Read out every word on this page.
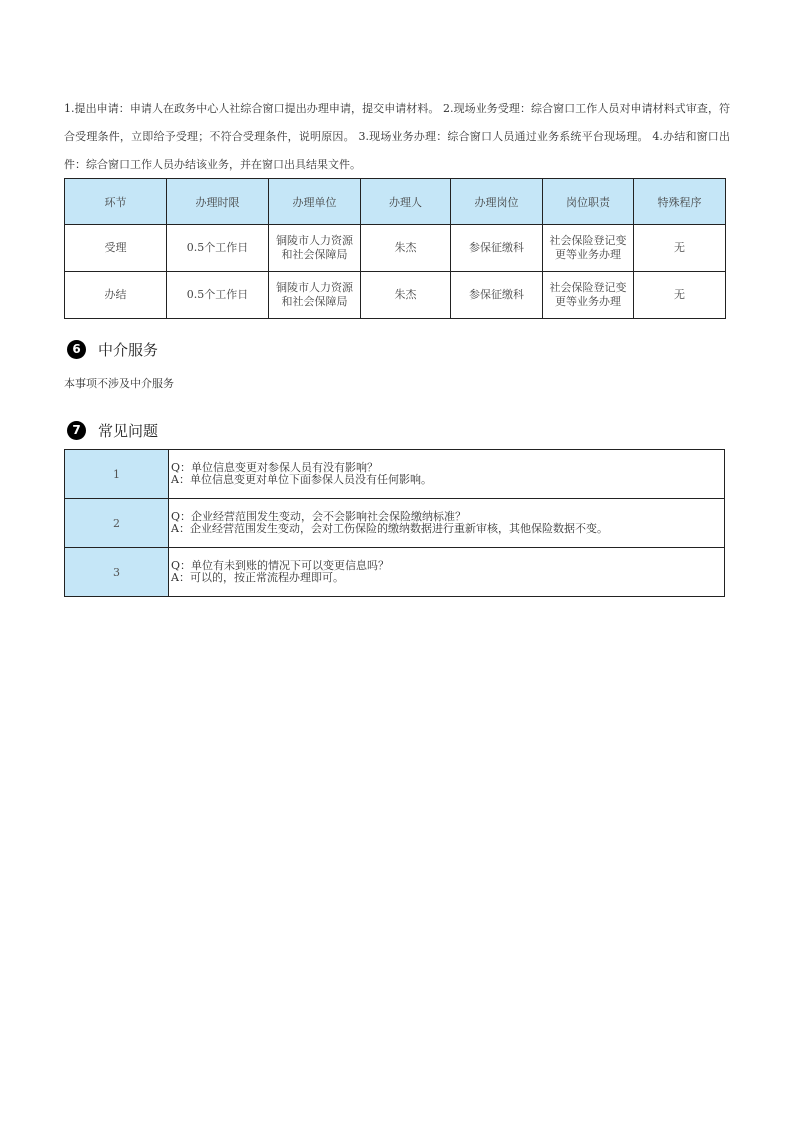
1.提出申请：申请人在政务中心人社综合窗口提出办理申请，提交申请材料。 2.现场业务受理：综合窗口工作人员对申请材料式审查，符合受理条件，立即给予受理；不符合受理条件，说明原因。 3.现场业务办理：综合窗口人员通过业务系统平台现场理。 4.办结和窗口出件：综合窗口工作人员办结该业务，并在窗口出具结果文件。
环节	办理时限	办理单位	办理人	办理岗位	岗位职责	特殊程序
受理	0.5个工作日	铜陵市人力资源和社会保障局	朱杰	参保征缴科	社会保险登记变更等业务办理	无
办结	0.5个工作日	铜陵市人力资源和社会保障局	朱杰	参保征缴科	社会保险登记变更等业务办理	无
6	中介服务
本事项不涉及中介服务
7	常见问题
1	Q：单位信息变更对参保人员有没有影响？
A：单位信息变更对单位下面参保人员没有任何影响。

2	Q：企业经营范围发生变动，会不会影响社会保险缴纳标准？
A：企业经营范围发生变动，会对工伤保险的缴纳数据进行重新审核，其他保险数据不变。

3	Q：单位有未到账的情况下可以变更信息吗？
A：可以的，按正常流程办理即可。
